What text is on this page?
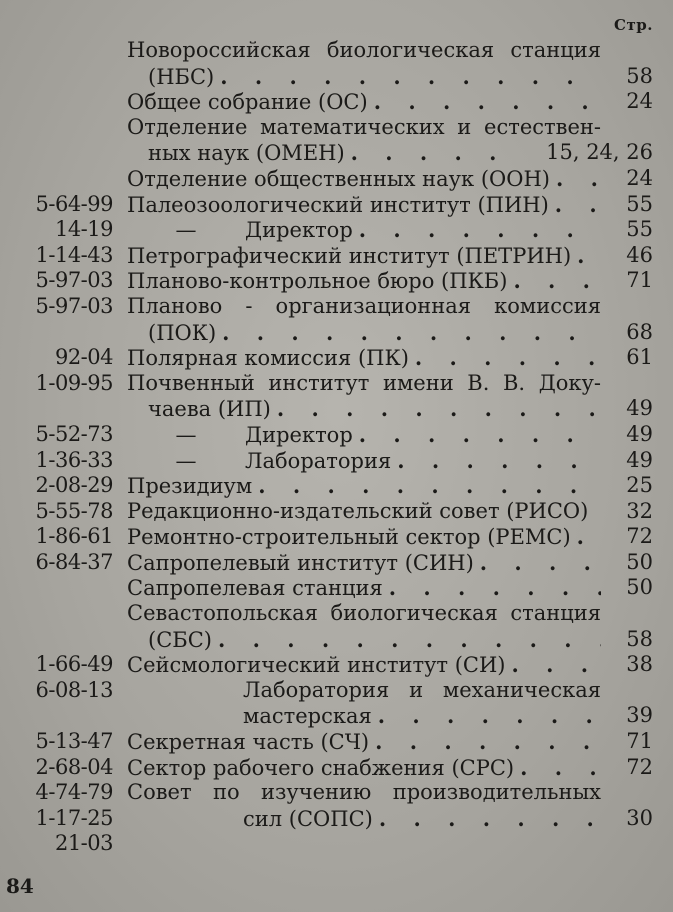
Стр.
Новороссийская биологическая станция
(НБС) . . .	58
Общее собрание (ОС) . . .	24
Отделение математических и естествен-
ных наук (ОМЕН) . . .	15, 24, 26
Отделение общественных наук (ООН) . . .	24
5-64-99 Палеозоологический институт (ПИН) . . .	55
14-19	—	Директор . . .	55
1-14-43 Петрографический институт (ПЕТРИН) . . .	46
5-97-03 Планово-контрольное бюро (ПКБ) . . .	71
5-97-03 Планово - организационная комиссия
(ПОК) . . .	68
92-04 Полярная комиссия (ПК) . . .	61
1-09-95 Почвенный институт имени В. В. Доку-
чаева (ИП) . . .	49
5-52-73	—	Директор . . .	49
1-36-33	—	Лаборатория . . .	49
2-08-29 Президиум . . .	25
5-55-78 Редакционно-издательский совет (РИСО) 32
1-86-61 Ремонтно-строительный сектор (РЕМС) . . .	72
6-84-37 Сапропелевый институт (СИН) . . .	50
Сапропелевая станция . . .	50
Севастопольская биологическая станция
(СБС) . . .	58
1-66-49 Сейсмологический институт (СИ) . . .	38
6-08-13	Лаборатория и механическая
мастерская . . .	39
5-13-47 Секретная часть (СЧ) . . .	71
2-68-04 Сектор рабочего снабжения (СРС) . . .	72
4-74-79 Совет по изучению производительных
1-17-25	сил (СОПС) . . .	30
21-03
84
